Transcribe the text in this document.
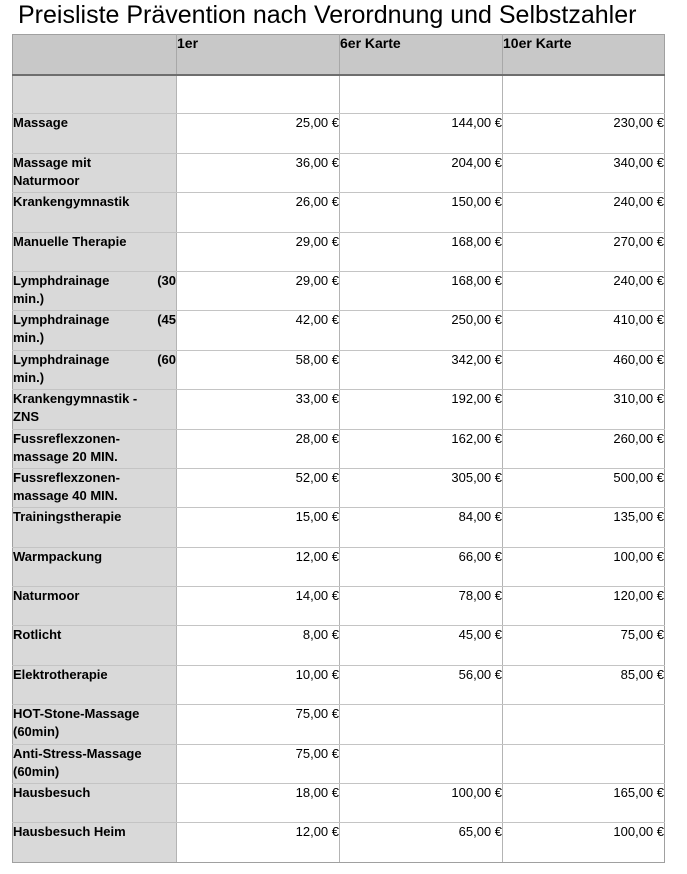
Preisliste Prävention nach Verordnung und Selbstzahler
	1er	6er Karte	10er Karte

Massage	25,00 €	144,00 €	230,00 €

Massage mit
Naturmoor	36,00 €	204,00 €	340,00 €

Krankengymnastik	26,00 €	150,00 €	240,00 €

Manuelle Therapie	29,00 €	168,00 €	270,00 €

Lymphdrainage (30
min.)	29,00 €	168,00 €	240,00 €

Lymphdrainage (45
min.)	42,00 €	250,00 €	410,00 €

Lymphdrainage (60
min.)	58,00 €	342,00 €	460,00 €

Krankengymnastik -
ZNS	33,00 €	192,00 €	310,00 €

Fussreflexzonen-
massage 20 MIN.	28,00 €	162,00 €	260,00 €

Fussreflexzonen-
massage 40 MIN.	52,00 €	305,00 €	500,00 €

Trainingstherapie	15,00 €	84,00 €	135,00 €

Warmpackung	12,00 €	66,00 €	100,00 €

Naturmoor	14,00 €	78,00 €	120,00 €

Rotlicht	8,00 €	45,00 €	75,00 €

Elektrotherapie	10,00 €	56,00 €	85,00 €

HOT-Stone-Massage
(60min)	75,00 €		

Anti-Stress-Massage
(60min)	75,00 €		

Hausbesuch	18,00 €	100,00 €	165,00 €

Hausbesuch Heim	12,00 €	65,00 €	100,00 €
